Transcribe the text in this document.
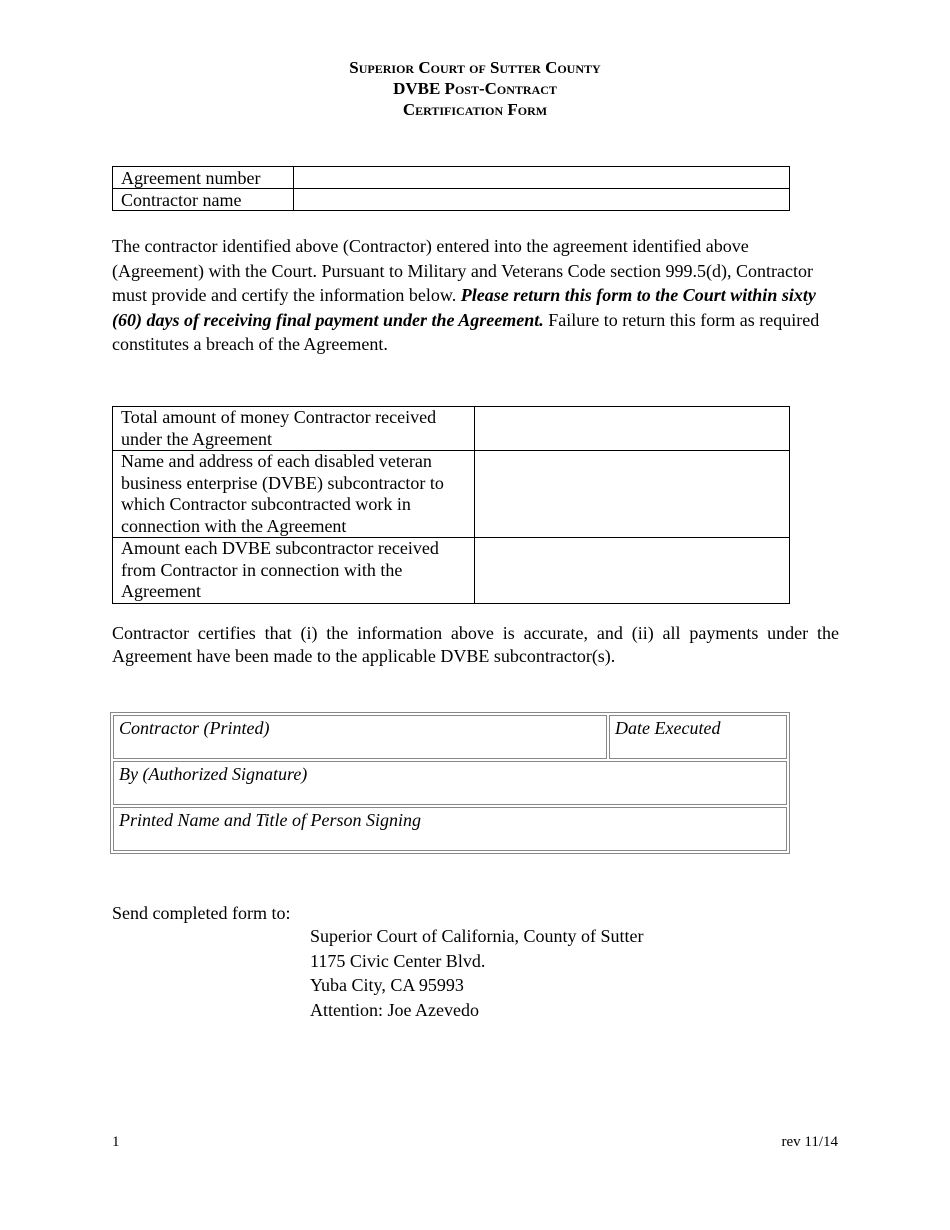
Superior Court of Sutter County
DVBE Post-Contract
Certification Form
Agreement number	
Contractor name	
The contractor identified above (Contractor) entered into the agreement identified above (Agreement) with the Court. Pursuant to Military and Veterans Code section 999.5(d), Contractor must provide and certify the information below. Please return this form to the Court within sixty (60) days of receiving final payment under the Agreement. Failure to return this form as required constitutes a breach of the Agreement.
Total amount of money Contractor received under the Agreement	
Name and address of each disabled veteran business enterprise (DVBE) subcontractor to which Contractor subcontracted work in connection with the Agreement	
Amount each DVBE subcontractor received from Contractor in connection with the Agreement	
Contractor certifies that (i) the information above is accurate, and (ii) all payments under the Agreement have been made to the applicable DVBE subcontractor(s).
Contractor (Printed)	Date Executed
By (Authorized Signature)
Printed Name and Title of Person Signing
Send completed form to:
Superior Court of California, County of Sutter
1175 Civic Center Blvd.
Yuba City, CA 95993
Attention: Joe Azevedo
1	rev 11/14
